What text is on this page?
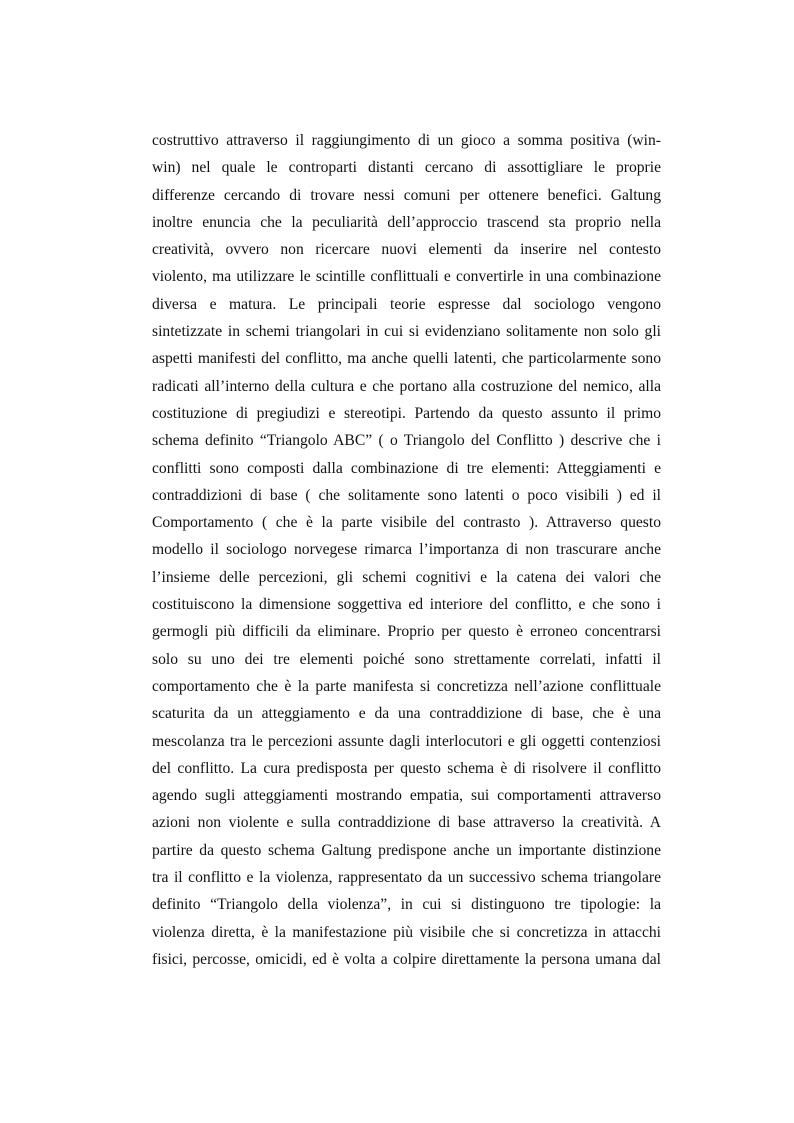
costruttivo attraverso il raggiungimento di un gioco a somma positiva (win-
win) nel quale le controparti distanti cercano di assottigliare le proprie
differenze cercando di trovare nessi comuni per ottenere benefici. Galtung
inoltre enuncia che la peculiarità dell’approccio trascend sta proprio nella
creatività, ovvero non ricercare nuovi elementi da inserire nel contesto
violento, ma utilizzare le scintille conflittuali e convertirle in una combinazione
diversa e matura. Le principali teorie espresse dal sociologo vengono
sintetizzate in schemi triangolari in cui si evidenziano solitamente non solo gli
aspetti manifesti del conflitto, ma anche quelli latenti, che particolarmente sono
radicati all’interno della cultura e che portano alla costruzione del nemico, alla
costituzione di pregiudizi e stereotipi. Partendo da questo assunto il primo
schema definito “Triangolo ABC” ( o Triangolo del Conflitto ) descrive che i
conflitti sono composti dalla combinazione di tre elementi: Atteggiamenti e
contraddizioni di base ( che solitamente sono latenti o poco visibili ) ed il
Comportamento ( che è la parte visibile del contrasto ). Attraverso questo
modello il sociologo norvegese rimarca l’importanza di non trascurare anche
l’insieme delle percezioni, gli schemi cognitivi e la catena dei valori che
costituiscono la dimensione soggettiva ed interiore del conflitto, e che sono i
germogli più difficili da eliminare. Proprio per questo è erroneo concentrarsi
solo su uno dei tre elementi poiché sono strettamente correlati, infatti il
comportamento che è la parte manifesta si concretizza nell’azione conflittuale
scaturita da un atteggiamento e da una contraddizione di base, che è una
mescolanza tra le percezioni assunte dagli interlocutori e gli oggetti contenziosi
del conflitto. La cura predisposta per questo schema è di risolvere il conflitto
agendo sugli atteggiamenti mostrando empatia, sui comportamenti attraverso
azioni non violente e sulla contraddizione di base attraverso la creatività. A
partire da questo schema Galtung predispone anche un importante distinzione
tra il conflitto e la violenza, rappresentato da un successivo schema triangolare
definito “Triangolo della violenza”, in cui si distinguono tre tipologie: la
violenza diretta, è la manifestazione più visibile che si concretizza in attacchi
fisici, percosse, omicidi, ed è volta a colpire direttamente la persona umana dal
